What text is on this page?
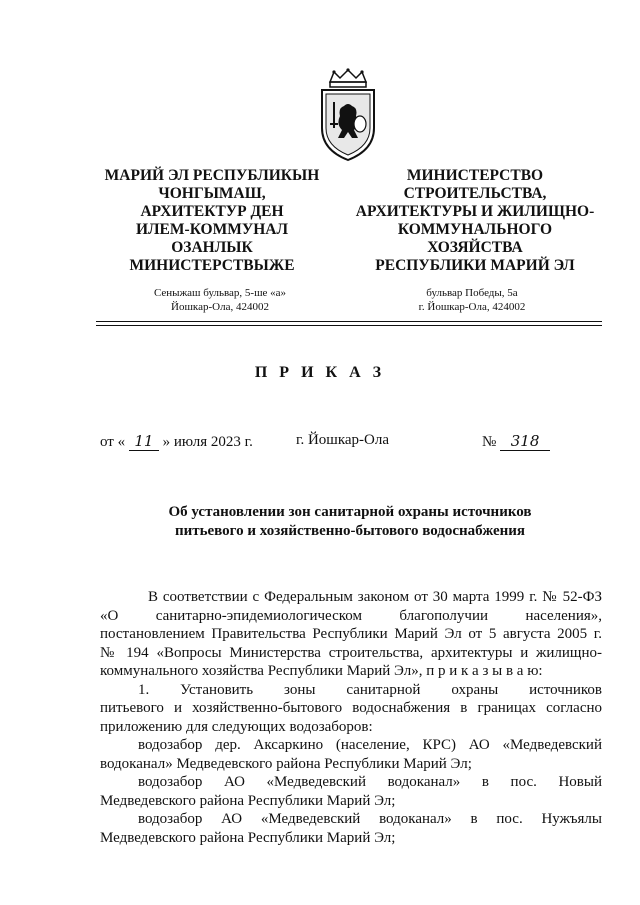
МАРИЙ ЭЛ РЕСПУБЛИКЫН
ЧОНГЫМАШ,
АРХИТЕКТУР ДЕН
ИЛЕМ-КОММУНАЛ
ОЗАНЛЫК
МИНИСТЕРСТВЫЖЕ
МИНИСТЕРСТВО
СТРОИТЕЛЬСТВА,
АРХИТЕКТУРЫ И ЖИЛИЩНО-
КОММУНАЛЬНОГО
ХОЗЯЙСТВА
РЕСПУБЛИКИ МАРИЙ ЭЛ
Сеныжаш бульвар, 5-ше «а»
Йошкар-Ола, 424002
бульвар Победы, 5а
г. Йошкар-Ола, 424002
П Р И К А З
от « 11 » июля 2023 г.	г. Йошкар-Ола	№ 318
Об установлении зон санитарной охраны источников
питьевого и хозяйственно-бытового водоснабжения

В соответствии с Федеральным законом от 30 марта 1999 г. № 52-ФЗ

«О санитарно-эпидемиологическом благополучии населения»,

постановлением Правительства Республики Марий Эл от 5 августа 2005 г.

№ 194 «Вопросы Министерства строительства, архитектуры и жилищно-

коммунального хозяйства Республики Марий Эл», п р и к а з ы в а ю:

1. Установить зоны санитарной охраны источников

питьевого и хозяйственно-бытового водоснабжения в границах согласно

приложению для следующих водозаборов:

водозабор дер. Аксаркино (население, КРС) АО «Медведевский

водоканал» Медведевского района Республики Марий Эл;

водозабор АО «Медведевский водоканал» в пос. Новый

Медведевского района Республики Марий Эл;

водозабор АО «Медведевский водоканал» в пос. Нужъялы

Медведевского района Республики Марий Эл;
